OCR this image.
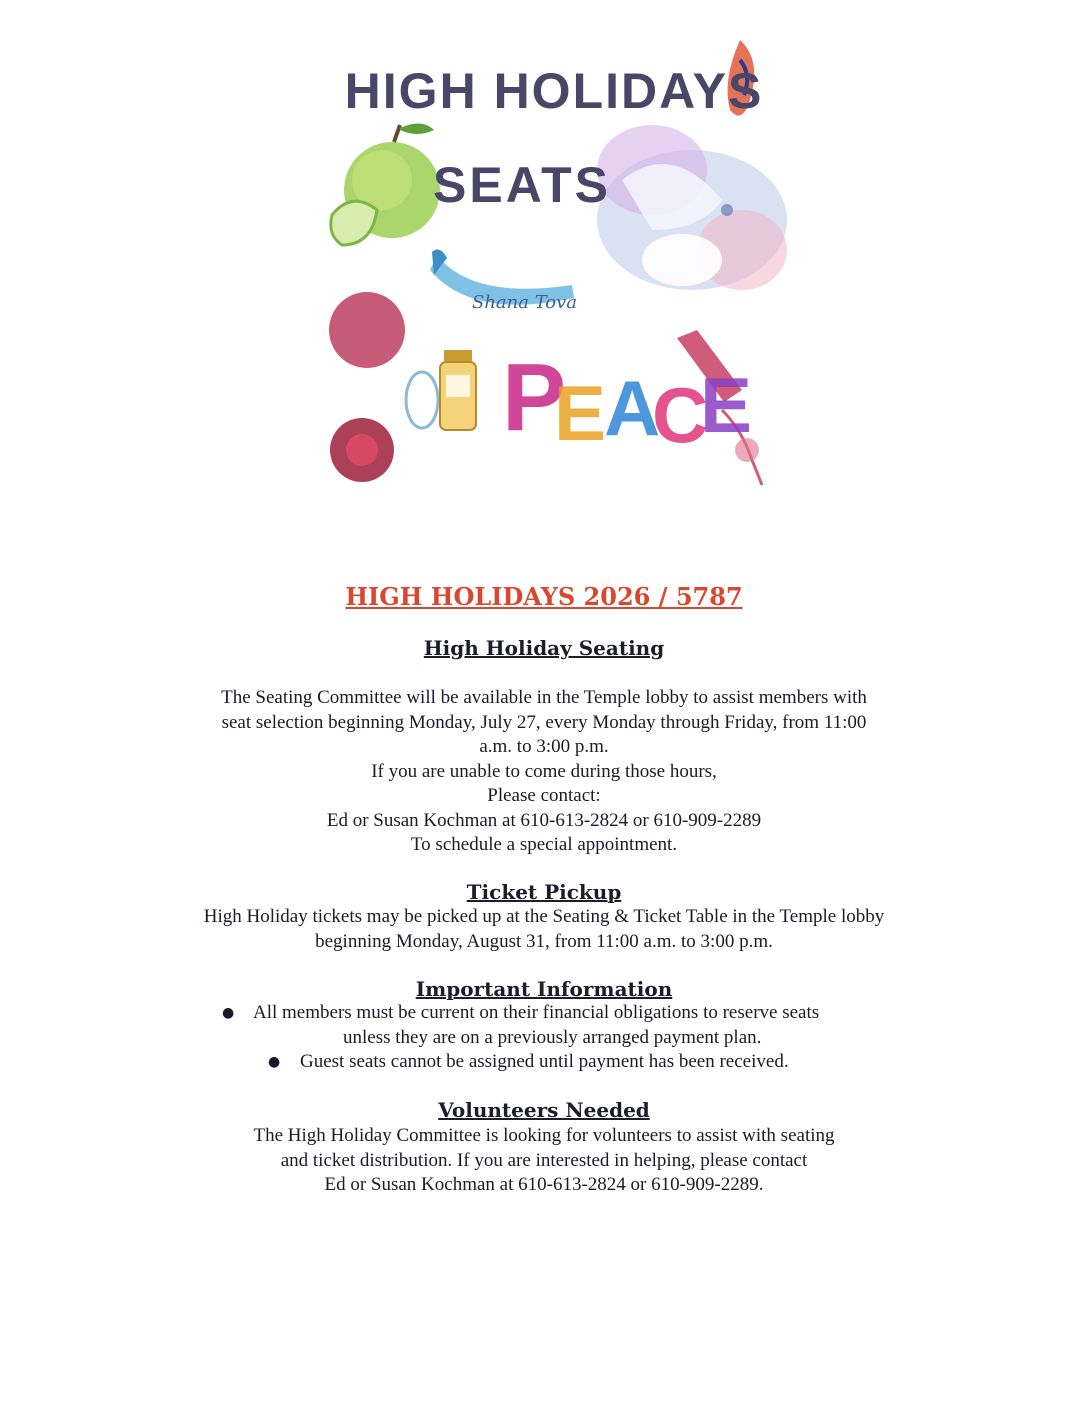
HIGH HOLIDAYS
SEATS
Shana Tova
P
E
A
C
E
HIGH HOLIDAYS 2026 / 5787
High Holiday Seating
The Seating Committee will be available in the Temple lobby to assist members with
seat selection beginning Monday, July 27, every Monday through Friday, from 11:00
a.m. to 3:00 p.m.
If you are unable to come during those hours,
Please contact:
Ed or Susan Kochman at 610-613-2824 or 610-909-2289
To schedule a special appointment.
Ticket Pickup
High Holiday tickets may be picked up at the Seating & Ticket Table in the Temple lobby
beginning Monday, August 31, from 11:00 a.m. to 3:00 p.m.
Important Information
● All members must be current on their financial obligations to reserve seats
unless they are on a previously arranged payment plan.
● Guest seats cannot be assigned until payment has been received.
Volunteers Needed
The High Holiday Committee is looking for volunteers to assist with seating
and ticket distribution. If you are interested in helping, please contact
Ed or Susan Kochman at 610-613-2824 or 610-909-2289.
